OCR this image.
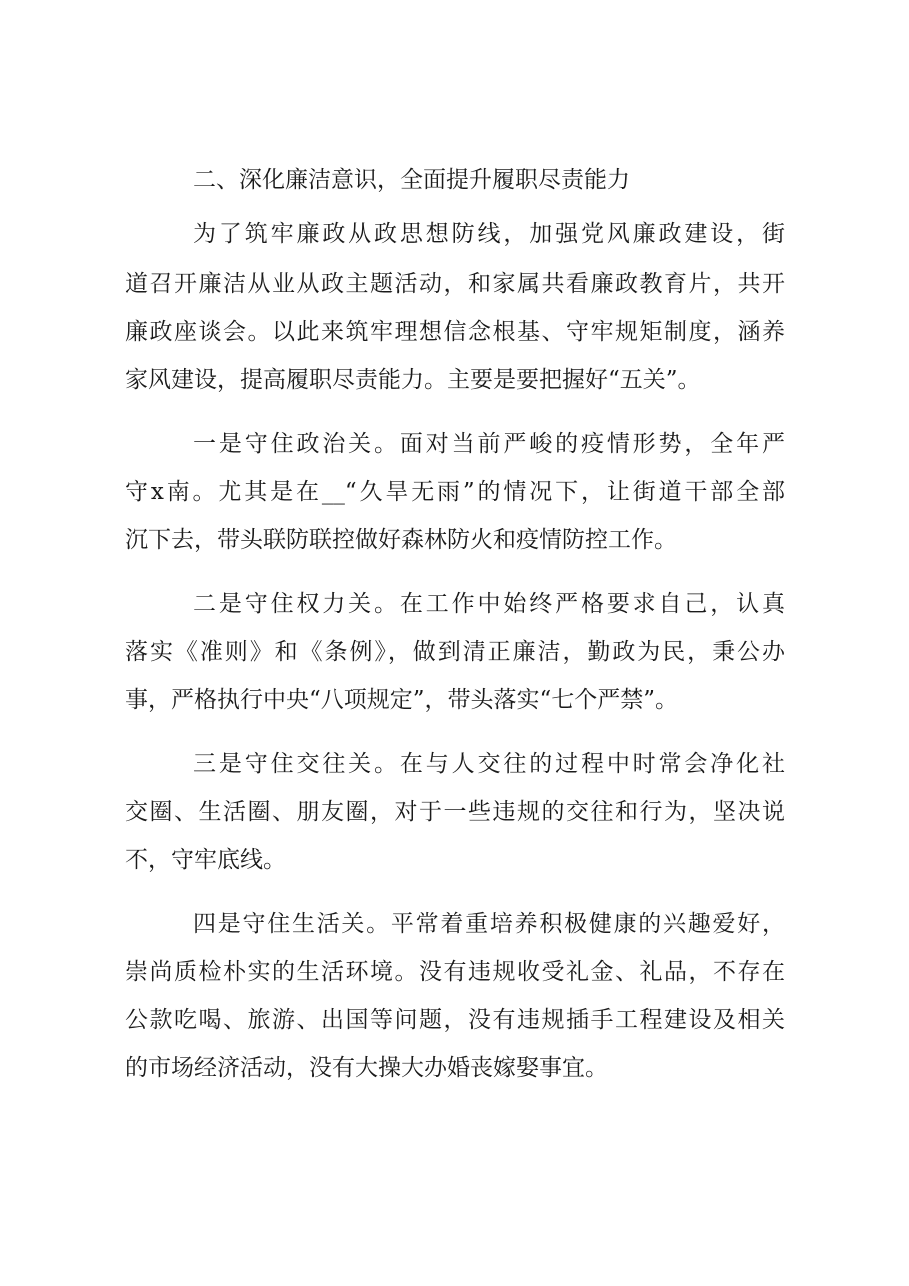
二、深化廉洁意识，全面提升履职尽责能力
为了筑牢廉政从政思想防线，加强党风廉政建设，街
道召开廉洁从业从政主题活动，和家属共看廉政教育片，共开
廉政座谈会。以此来筑牢理想信念根基、守牢规矩制度，涵养
家风建设，提高履职尽责能力。主要是要把握好“五关”。
一是守住政治关。面对当前严峻的疫情形势，全年严
守x南。尤其是在__“久旱无雨”的情况下，让街道干部全部
沉下去，带头联防联控做好森林防火和疫情防控工作。
二是守住权力关。在工作中始终严格要求自己，认真
落实《准则》和《条例》，做到清正廉洁，勤政为民，秉公办
事，严格执行中央“八项规定”，带头落实“七个严禁”。
三是守住交往关。在与人交往的过程中时常会净化社
交圈、生活圈、朋友圈，对于一些违规的交往和行为，坚决说
不，守牢底线。
四是守住生活关。平常着重培养积极健康的兴趣爱好，
崇尚质检朴实的生活环境。没有违规收受礼金、礼品，不存在
公款吃喝、旅游、出国等问题，没有违规插手工程建设及相关
的市场经济活动，没有大操大办婚丧嫁娶事宜。
